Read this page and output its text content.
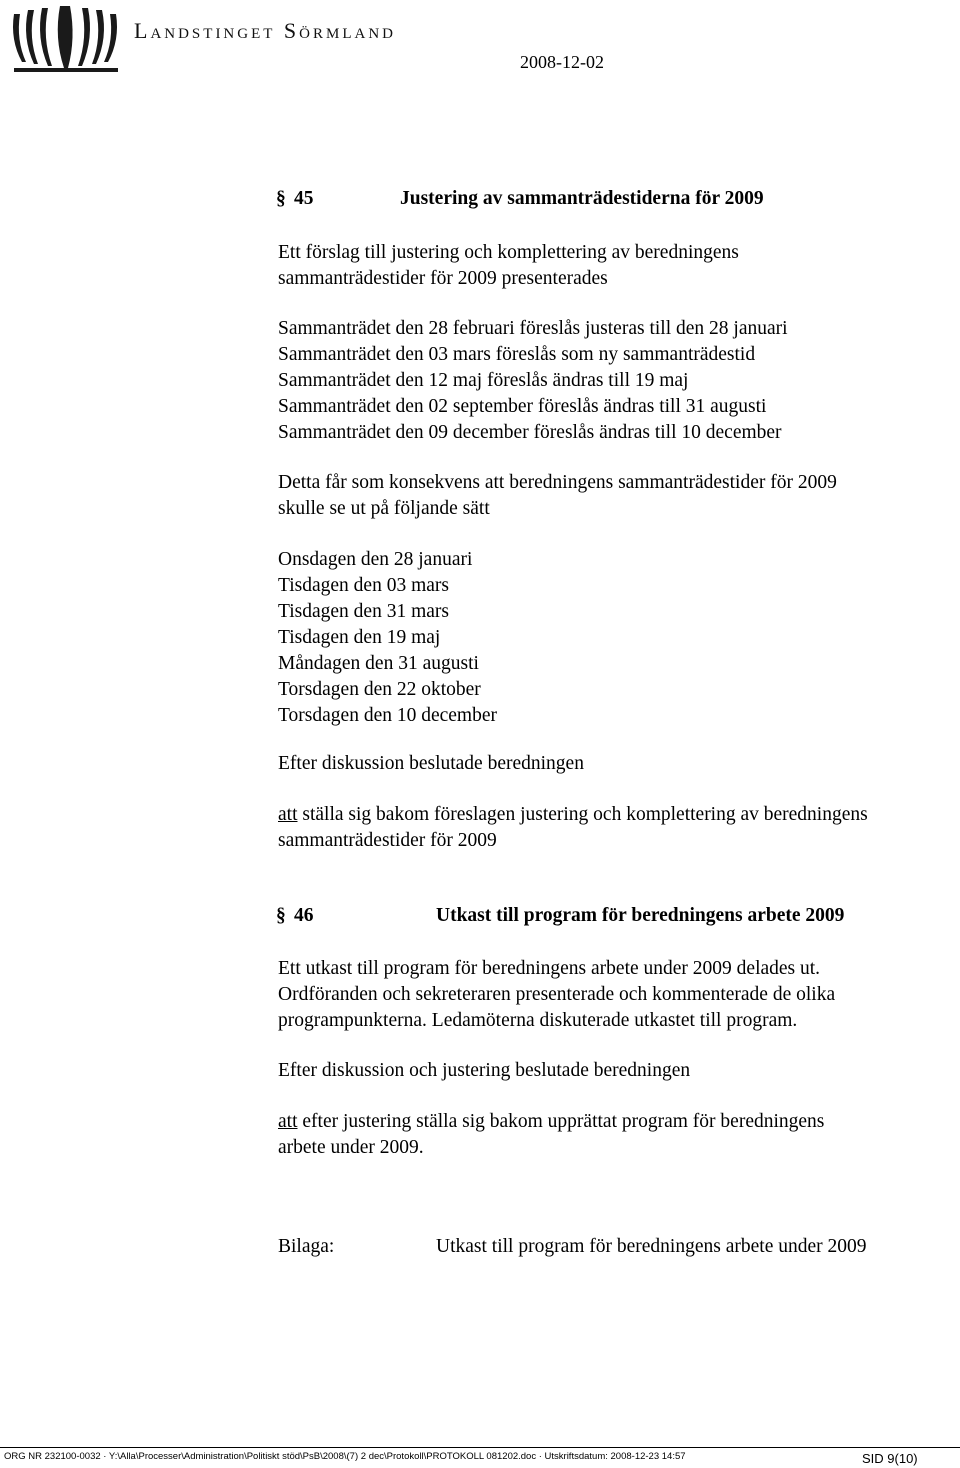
Landstinget Sörmland
2008-12-02
§ 45	Justering av sammanträdestiderna för 2009
Ett förslag till justering och komplettering av beredningens
sammanträdestider för 2009 presenterades
Sammanträdet den 28 februari föreslås justeras till den 28 januari
Sammanträdet den 03 mars föreslås som ny sammanträdestid
Sammanträdet den 12 maj föreslås ändras till 19 maj
Sammanträdet den 02 september föreslås ändras till 31 augusti
Sammanträdet den 09 december föreslås ändras till 10 december
Detta får som konsekvens att beredningens sammanträdestider för 2009
skulle se ut på följande sätt
Onsdagen den 28 januari
Tisdagen den 03 mars
Tisdagen den 31 mars
Tisdagen den 19 maj
Måndagen den 31 augusti
Torsdagen den 22 oktober
Torsdagen den 10 december
Efter diskussion beslutade beredningen
att ställa sig bakom föreslagen justering och komplettering av beredningens
sammanträdestider för 2009
§ 46	Utkast till program för beredningens arbete 2009
Ett utkast till program för beredningens arbete under 2009 delades ut.
Ordföranden och sekreteraren presenterade och kommenterade de olika
programpunkterna. Ledamöterna diskuterade utkastet till program.
Efter diskussion och justering beslutade beredningen
att efter justering ställa sig bakom upprättat program för beredningens
arbete under 2009.
Bilaga:	Utkast till program för beredningens arbete under 2009
ORG NR 232100-0032 · Y:\Alla\Processer\Administration\Politiskt stöd\PsB\2008\(7) 2 dec\Protokoll\PROTOKOLL 081202.doc · Utskriftsdatum: 2008-12-23 14:57	SID 9(10)
